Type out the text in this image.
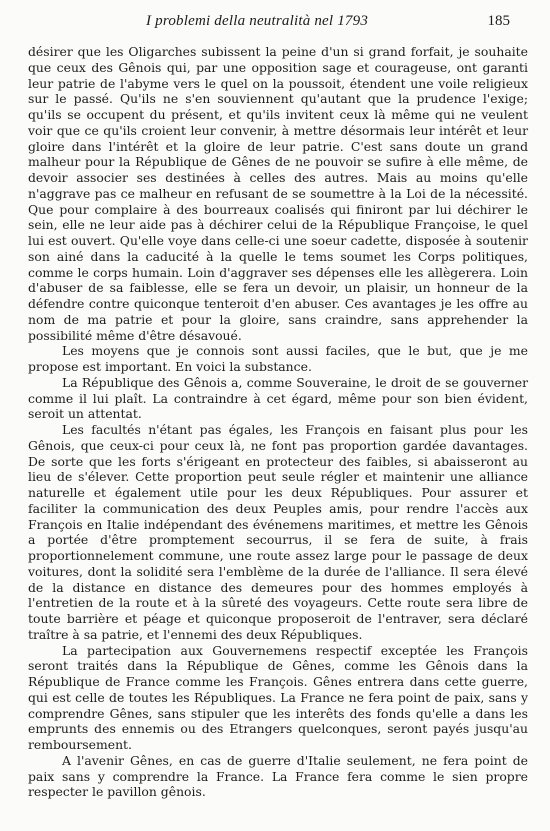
I problemi della neutralità nel 1793	185

désirer que les Oligarches subissent la peine d'un si grand forfait, je souhaite que ceux des Gênois qui, par une opposition sage et courageuse, ont garanti leur patrie de l'abyme vers le quel on la poussoit, étendent une voile religieux sur le passé. Qu'ils ne s'en souviennent qu'autant que la prudence l'exige; qu'ils se occupent du présent, et qu'ils invitent ceux là même qui ne veulent voir que ce qu'ils croient leur convenir, à mettre désormais leur intérêt et leur gloire dans l'intérêt et la gloire de leur patrie. C'est sans doute un grand malheur pour la République de Gênes de ne pouvoir se sufire à elle même, de devoir associer ses destinées à celles des autres. Mais au moins qu'elle n'aggrave pas ce malheur en refusant de se soumettre à la Loi de la nécessité. Que pour complaire à des bourreaux coalisés qui finiront par lui déchirer le sein, elle ne leur aide pas à déchirer celui de la République Françoise, le quel lui est ouvert. Qu'elle voye dans celle-ci une soeur cadette, disposée à soutenir son ainé dans la caducité à la quelle le tems soumet les Corps politiques, comme le corps humain. Loin d'aggraver ses dépenses elle les allègerera. Loin d'abuser de sa faiblesse, elle se fera un devoir, un plaisir, un honneur de la défendre contre quiconque tenteroit d'en abuser. Ces avantages je les offre au nom de ma patrie et pour la gloire, sans craindre, sans apprehender la possibilité même d'être désavoué.

Les moyens que je connois sont aussi faciles, que le but, que je me propose est important. En voici la substance.

La République des Gênois a, comme Souveraine, le droit de se gouverner comme il lui plaît. La contraindre à cet égard, même pour son bien évident, seroit un attentat.

Les facultés n'étant pas égales, les François en faisant plus pour les Gênois, que ceux-ci pour ceux là, ne font pas proportion gardée davantages. De sorte que les forts s'érigeant en protecteur des faibles, si abaisseront au lieu de s'élever. Cette proportion peut seule régler et maintenir une alliance naturelle et également utile pour les deux Républiques. Pour assurer et faciliter la communication des deux Peuples amis, pour rendre l'accès aux François en Italie indépendant des événemens maritimes, et mettre les Gênois a portée d'être promptement secourrus, il se fera de suite, à frais proportionnelement commune, une route assez large pour le passage de deux voitures, dont la solidité sera l'emblème de la durée de l'alliance. Il sera élevé de la distance en distance des demeures pour des hommes employés à l'entretien de la route et à la sûreté des voyageurs. Cette route sera libre de toute barrière et péage et quiconque proposeroit de l'entraver, sera déclaré traître à sa patrie, et l'ennemi des deux Républiques.

La partecipation aux Gouvernemens respectif exceptée les François seront traités dans la République de Gênes, comme les Gênois dans la République de France comme les François. Gênes entrera dans cette guerre, qui est celle de toutes les Républiques. La France ne fera point de paix, sans y comprendre Gênes, sans stipuler que les interêts des fonds qu'elle a dans les emprunts des ennemis ou des Etrangers quelconques, seront payés jusqu'au remboursement.

A l'avenir Gênes, en cas de guerre d'Italie seulement, ne fera point de paix sans y comprendre la France. La France fera comme le sien propre respecter le pavillon gênois.
